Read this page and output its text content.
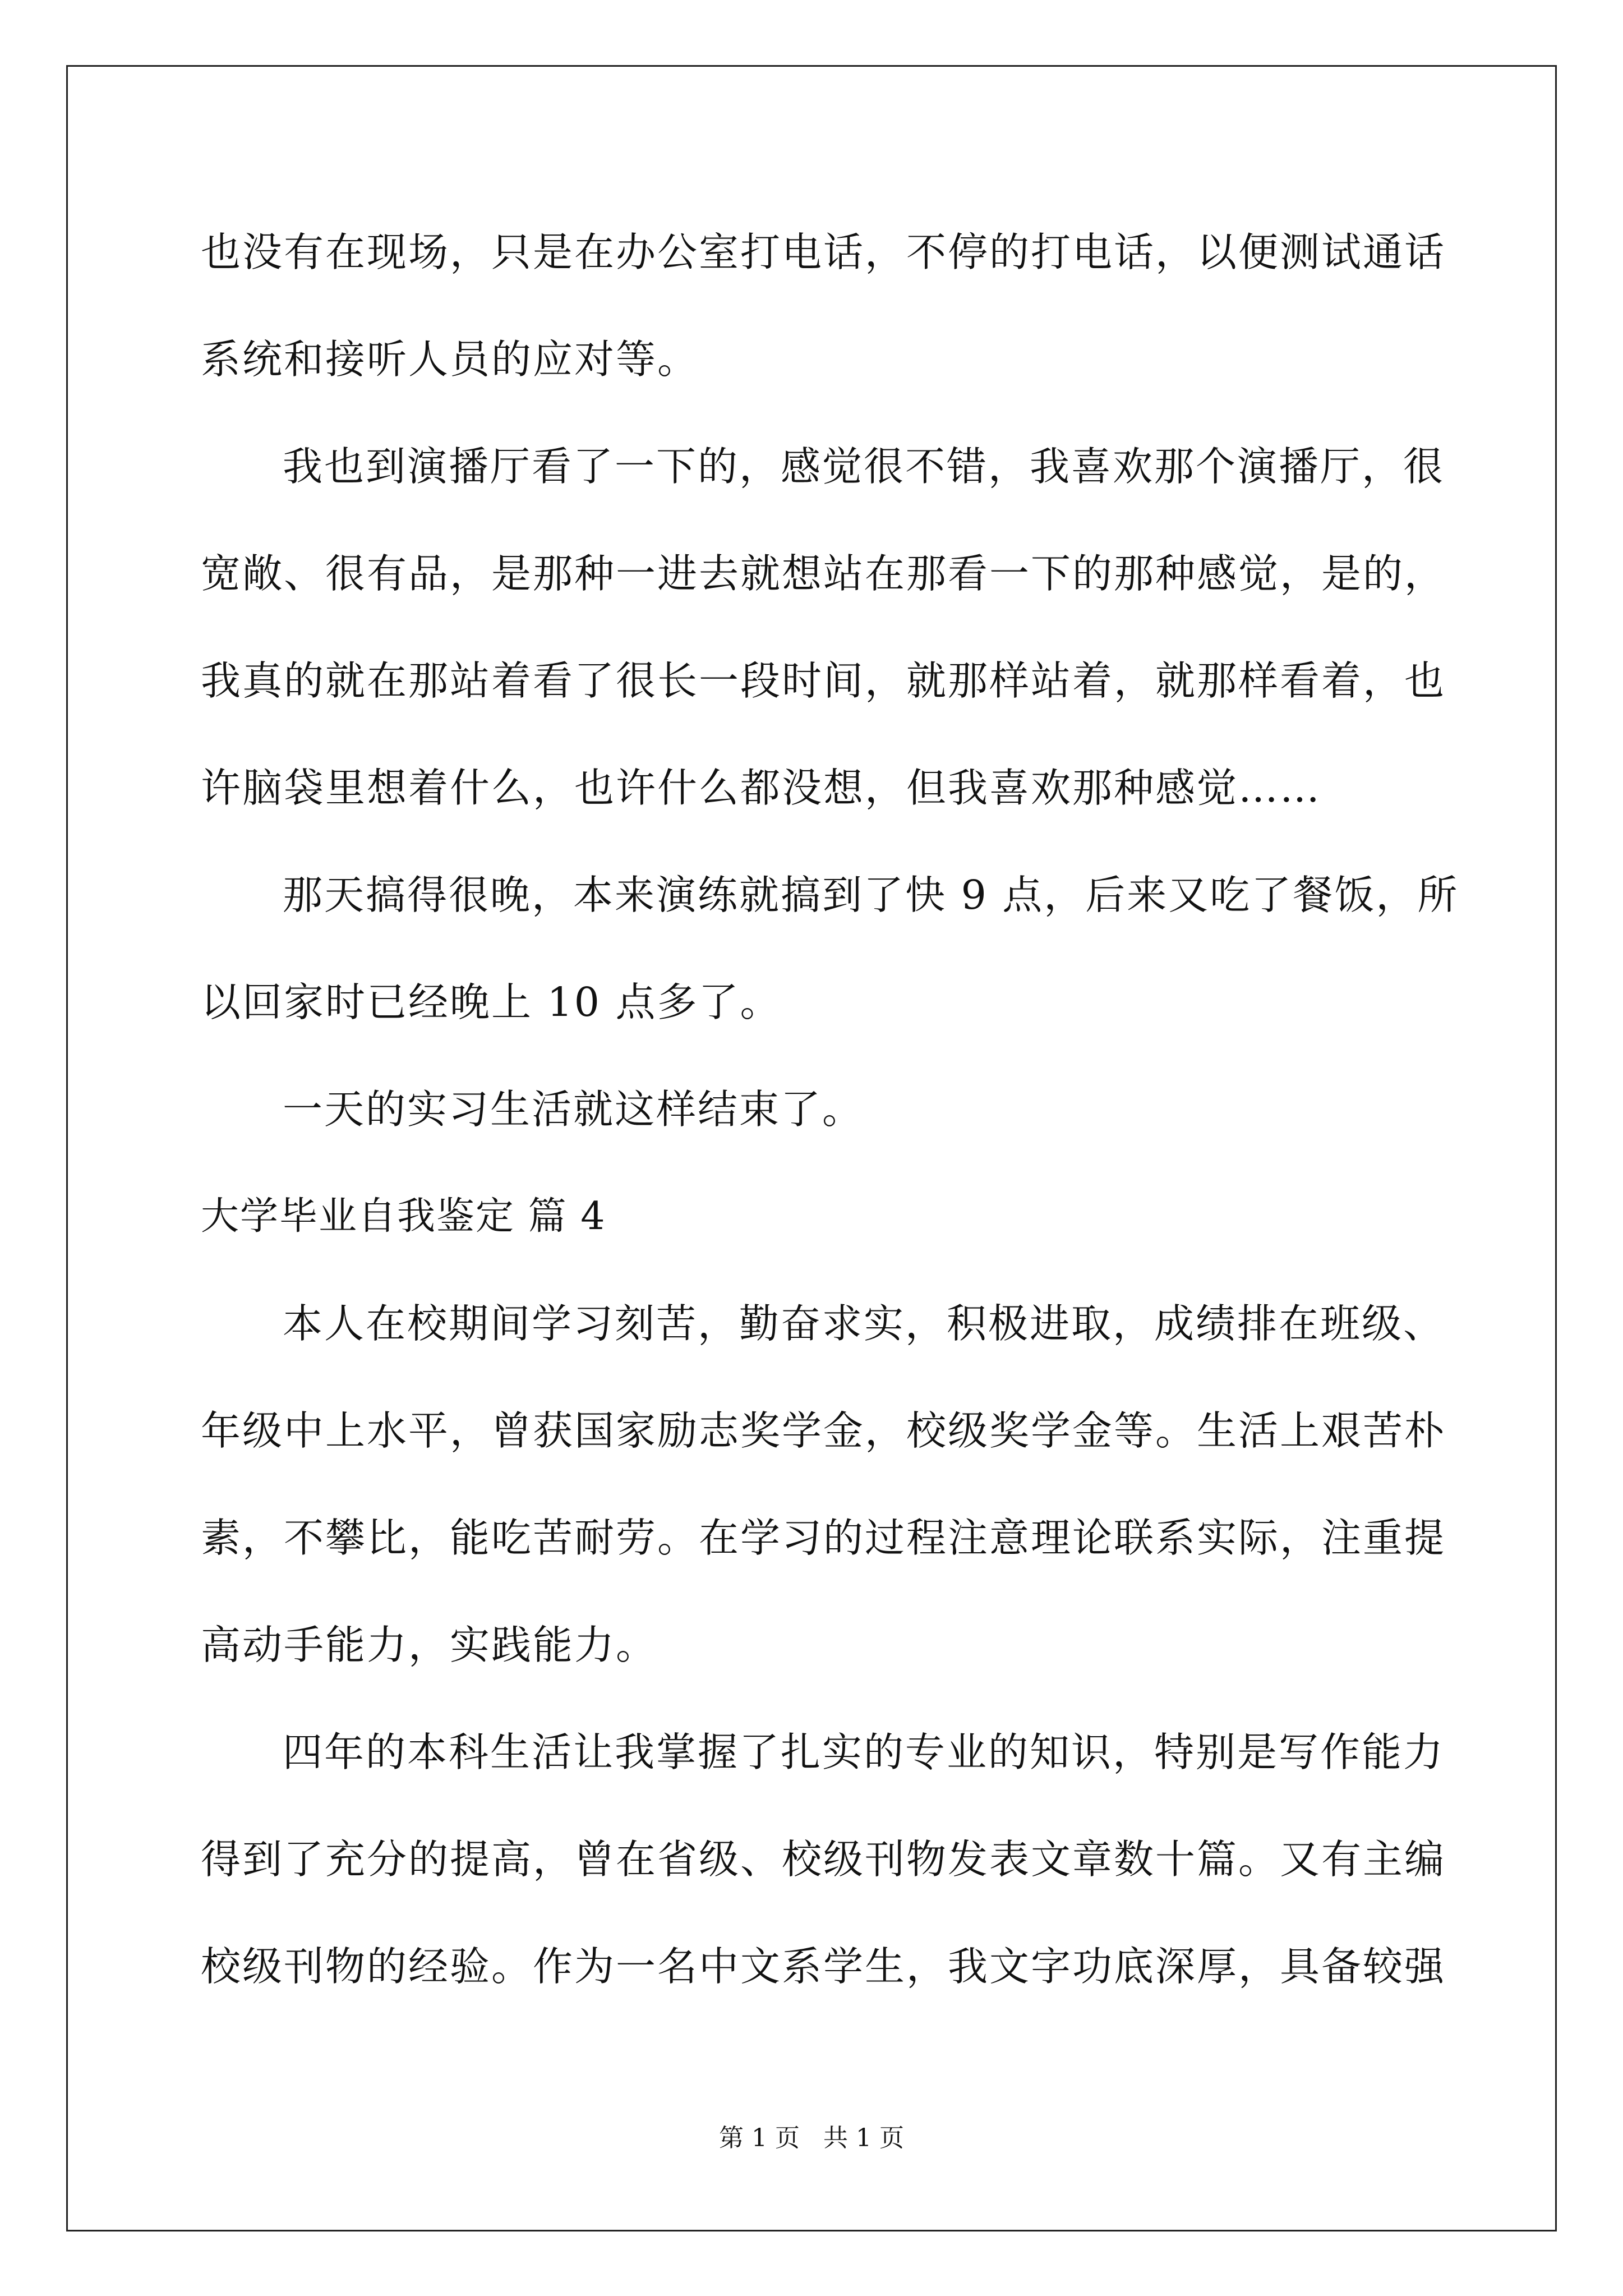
也没有在现场，只是在办公室打电话，不停的打电话，以便测试通话
系统和接听人员的应对等。
我也到演播厅看了一下的，感觉很不错，我喜欢那个演播厅，很
宽敞、很有品，是那种一进去就想站在那看一下的那种感觉，是的，
我真的就在那站着看了很长一段时间，就那样站着，就那样看着，也
许脑袋里想着什么，也许什么都没想，但我喜欢那种感觉……
那天搞得很晚，本来演练就搞到了快 9 点，后来又吃了餐饭，所
以回家时已经晚上 10 点多了。
一天的实习生活就这样结束了。
大学毕业自我鉴定 篇 4
本人在校期间学习刻苦，勤奋求实，积极进取，成绩排在班级、
年级中上水平，曾获国家励志奖学金，校级奖学金等。生活上艰苦朴
素，不攀比，能吃苦耐劳。在学习的过程注意理论联系实际，注重提
高动手能力，实践能力。
四年的本科生活让我掌握了扎实的专业的知识，特别是写作能力
得到了充分的提高，曾在省级、校级刊物发表文章数十篇。又有主编
校级刊物的经验。作为一名中文系学生，我文字功底深厚，具备较强
第 1 页 共 1 页
